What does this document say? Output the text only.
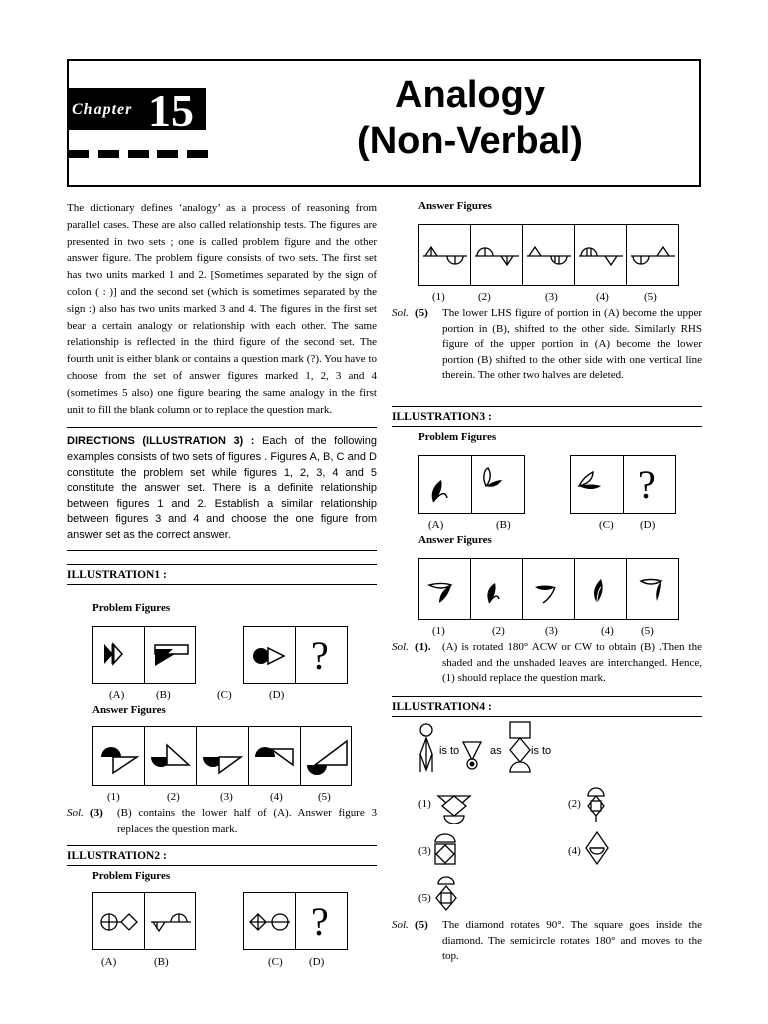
Chapter 15	Analogy
(Non-Verbal)

The dictionary defines ‘analogy’ as a process of reasoning from parallel cases. These are also called relationship tests. The figures are presented in two sets ; one is called problem figure and the other answer figure. The problem figure consists of two sets. The first set has two units marked 1 and 2. [Sometimes separated by the sign of colon ( : )] and the second set (which is sometimes separated by the sign :) also has two units marked 3 and 4. The figures in the first set bear a certain analogy or relationship with each other. The same relationship is reflected in the third figure of the second set. The fourth unit is either blank or contains a question mark (?). You have to choose from the set of answer figures marked 1, 2, 3 and 4 (sometimes 5 also) one figure bearing the same analogy in the first unit to fill the blank column or to replace the question mark.

DIRECTIONS (ILLUSTRATION 3) : Each of the following examples consists of two sets of figures . Figures A, B, C and D constitute the problem set while figures 1, 2, 3, 4 and 5 constitute the answer set. There is a definite relationship between figures 1 and 2. Establish a similar relationship between figures 3 and 4 and choose the one figure from answer set as the correct answer.

ILLUSTRATION1 :
Problem Figures
?
(A)	(B)	(C)	(D)
Answer Figures
(1)	(2)	(3)	(4)	(5)
Sol. (3) (B) contains the lower half of (A). Answer figure 3 replaces the question mark.
ILLUSTRATION2 :
Problem Figures
?
(A)	(B)	(C) (D)
Answer Figures
(1)	(2)	(3)	(4)	(5)
Sol. (5) The lower LHS figure of portion in (A) become the upper portion in (B), shifted to the other side. Similarly RHS figure of the upper portion in (A) become the lower portion (B) shifted to the other side with one vertical line therein. The other two halves are deleted.
ILLUSTRATION3 :
Problem Figures
?
(A)	(B)	(C) (D)
Answer Figures
(1)	(2)	(3)	(4) (5)
Sol. (1). (A) is rotated 180° ACW or CW to obtain (B) .Then the shaded and the unshaded leaves are interchanged. Hence, (1) should replace the question mark.
ILLUSTRATION4 :
is to	as	is to
(1)	(2)
(3)	(4)
(5)
Sol. (5) The diamond rotates 90°. The square goes inside the diamond. The semicircle rotates 180° and moves to the top.
